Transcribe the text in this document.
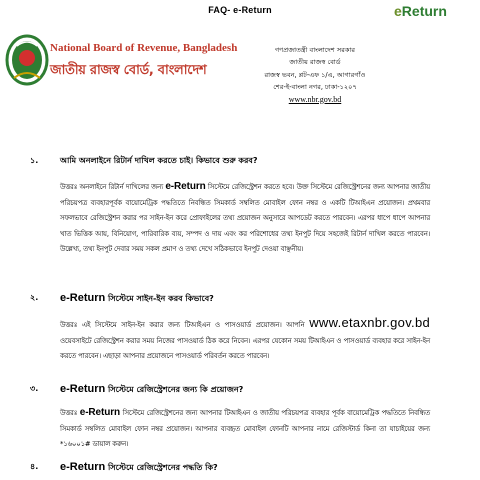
FAQ- e-Return	eReturn
National Board of Revenue, Bangladesh
জাতীয় রাজস্ব বোর্ড, বাংলাদেশ
গণপ্রজাতন্ত্রী বাংলাদেশ সরকার
জাতীয় রাজস্ব বোর্ড
রাজস্ব ভবন, প্লট-এফ ১/এ, আগারগাঁও
শের-ই-বাংলা নগর, ঢাকা-১২০৭
www.nbr.gov.bd
১.	আমি অনলাইনে রিটার্ন দাখিল করতে চাই। কিভাবে শুরু করব?
উত্তরঃ অনলাইনে রিটার্ন দাখিলের জন্য e-Return সিস্টেমে রেজিস্ট্রেশন করতে হবে। উক্ত সিস্টেমে রেজিস্ট্রেশনের জন্য আপনার জাতীয় পরিচয়পত্র ব্যবহারপূর্বক বায়োমেট্রিক পদ্ধতিতে নিবন্ধিত সিমকার্ড সম্বলিত মোবাইল ফোন নম্বর ও একটি টিআইএন প্রয়োজন। প্রথমবার সফলভাবে রেজিস্ট্রেশন করার পর সাইন-ইন করে প্রোফাইলের তথ্য প্রয়োজন অনুসারে আপডেট করতে পারবেন। এরপর ধাপে ধাপে আপনার খাত ভিত্তিক আয়, বিনিয়োগ, পারিবারিক ব্যয়, সম্পদ ও দায় এবং কর পরিশোধের তথ্য ইনপুট দিয়ে সহজেই রিটার্ন দাখিল করতে পারবেন। উল্লেখ্য, তথ্য ইনপুট দেবার সময় সকল প্রমাণ ও তথ্য দেখে সঠিকভাবে ইনপুট দেওয়া বাঞ্ছনীয়।
২. e-Return সিস্টেমে সাইন-ইন করব কিভাবে?
উত্তরঃ এই সিস্টেমে সাইন-ইন করার জন্য টিআইএন ও পাসওয়ার্ড প্রয়োজন। আপনি www.etaxnbr.gov.bd ওয়েবসাইটে রেজিস্ট্রেশন করার সময় নিজের পাসওয়ার্ড ঠিক করে নিবেন। এরপর যেকোন সময় টিআইএন ও পাসওয়ার্ড ব্যবহার করে সাইন-ইন করতে পারবেন। এছাড়া আপনার প্রয়োজনে পাসওয়ার্ড পরিবর্তন করতে পারবেন।
৩. e-Return সিস্টেমে রেজিস্ট্রেশনের জন্য কি প্রয়োজন?
উত্তরঃ e-Return সিস্টেমে রেজিস্ট্রেশনের জন্য আপনার টিআইএন ও জাতীয় পরিচয়পত্র ব্যবহার পূর্বক বায়োমেট্রিক পদ্ধতিতে নিবন্ধিত সিমকার্ড সম্বলিত মোবাইল ফোন নম্বর প্রয়োজন। আপনার ব্যবহৃত মোবাইল ফোনটি আপনার নামে রেজিস্টার্ড কিনা তা যাচাইয়ের জন্য *১৬০০১# ডায়াল করুন।
৪. e-Return সিস্টেমে রেজিস্ট্রেশনের পদ্ধতি কি?
